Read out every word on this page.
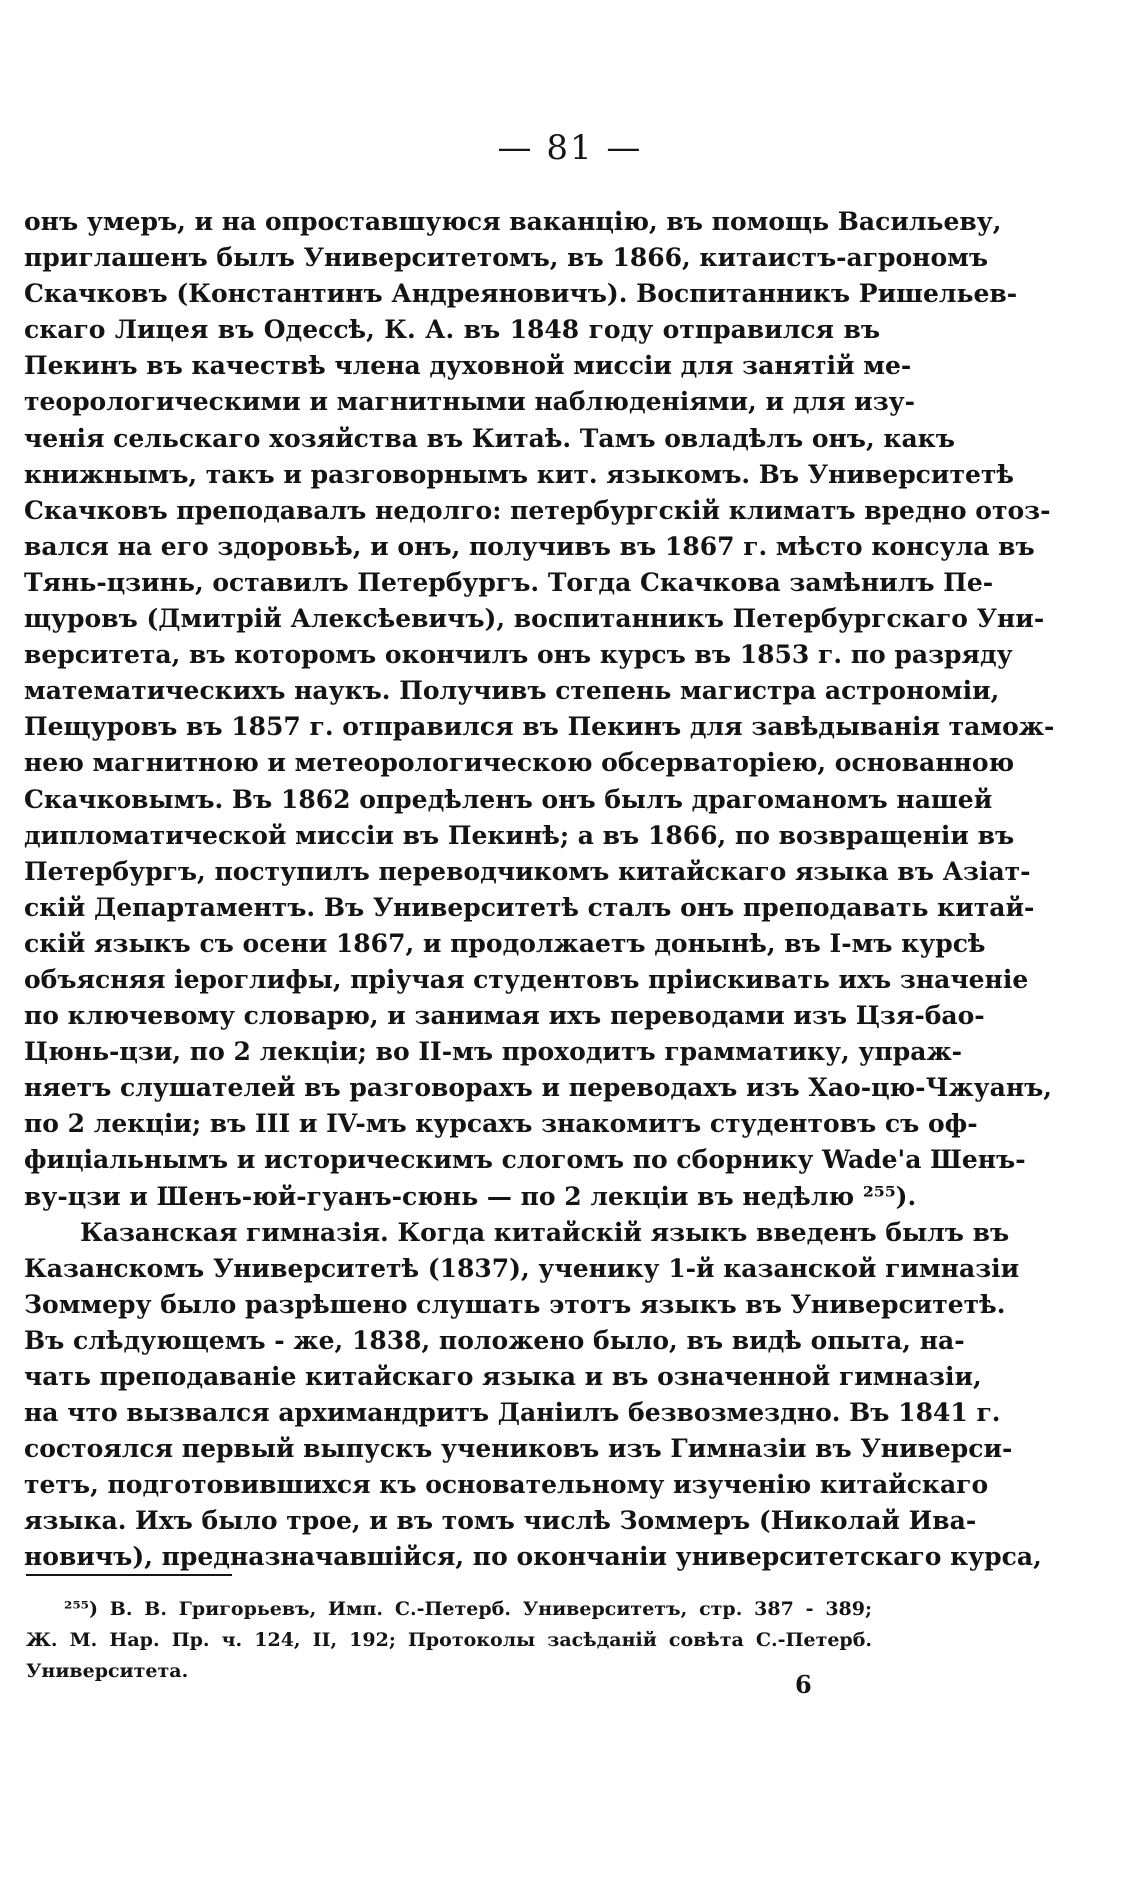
— 81 —
онъ умеръ, и на опроставшуюся ваканцію, въ помощь Васильеву,
приглашенъ былъ Университетомъ, въ 1866, китаистъ-агрономъ
Скачковъ (Константинъ Андреяновичъ). Воспитанникъ Ришельев-
скаго Лицея въ Одессѣ, К. А. въ 1848 году отправился въ
Пекинъ въ качествѣ члена духовной миссіи для занятій ме-
теорологическими и магнитными наблюденіями, и для изу-
ченія сельскаго хозяйства въ Китаѣ. Тамъ овладѣлъ онъ, какъ
книжнымъ, такъ и разговорнымъ кит. языкомъ. Въ Университетѣ
Скачковъ преподавалъ недолго: петербургскій климатъ вредно отоз-
вался на его здоровьѣ, и онъ, получивъ въ 1867 г. мѣсто консула въ
Тянь-цзинь, оставилъ Петербургъ. Тогда Скачкова замѣнилъ Пе-
щуровъ (Дмитрій Алексѣевичъ), воспитанникъ Петербургскаго Уни-
верситета, въ которомъ окончилъ онъ курсъ въ 1853 г. по разряду
математическихъ наукъ. Получивъ степень магистра астрономіи,
Пещуровъ въ 1857 г. отправился въ Пекинъ для завѣдыванія тамож-
нею магнитною и метеорологическою обсерваторіею, основанною
Скачковымъ. Въ 1862 опредѣленъ онъ былъ драгоманомъ нашей
дипломатической миссіи въ Пекинѣ; а въ 1866, по возвращеніи въ
Петербургъ, поступилъ переводчикомъ китайскаго языка въ Азіат-
скій Департаментъ. Въ Университетѣ сталъ онъ преподавать китай-
скій языкъ съ осени 1867, и продолжаетъ донынѣ, въ I-мъ курсѣ
объясняя іероглифы, пріучая студентовъ пріискивать ихъ значеніе
по ключевому словарю, и занимая ихъ переводами изъ Цзя-бао-
Цюнь-цзи, по 2 лекціи; во II-мъ проходитъ грамматику, упраж-
няетъ слушателей въ разговорахъ и переводахъ изъ Хао-цю-Чжуанъ,
по 2 лекціи; въ III и IV-мъ курсахъ знакомитъ студентовъ съ оф-
фиціальнымъ и историческимъ слогомъ по сборнику Wade'а Шенъ-
ву-цзи и Шенъ-юй-гуанъ-сюнь — по 2 лекціи въ недѣлю ²⁵⁵).
Казанская гимназія. Когда китайскій языкъ введенъ былъ въ
Казанскомъ Университетѣ (1837), ученику 1-й казанской гимназіи
Зоммеру было разрѣшено слушать этотъ языкъ въ Университетѣ.
Въ слѣдующемъ - же, 1838, положено было, въ видѣ опыта, на-
чать преподаваніе китайскаго языка и въ означенной гимназіи,
на что вызвался архимандритъ Даніилъ безвозмездно. Въ 1841 г.
состоялся первый выпускъ учениковъ изъ Гимназіи въ Универси-
тетъ, подготовившихся къ основательному изученію китайскаго
языка. Ихъ было трое, и въ томъ числѣ Зоммеръ (Николай Ива-
новичъ), предназначавшійся, по окончаніи университетскаго курса,
²⁵⁵) В. В. Григорьевъ, Имп. С.-Петерб. Университетъ, стр. 387 - 389;
Ж. М. Нар. Пр. ч. 124, II, 192; Протоколы засѣданій совѣта С.-Петерб.
Университета.	6
